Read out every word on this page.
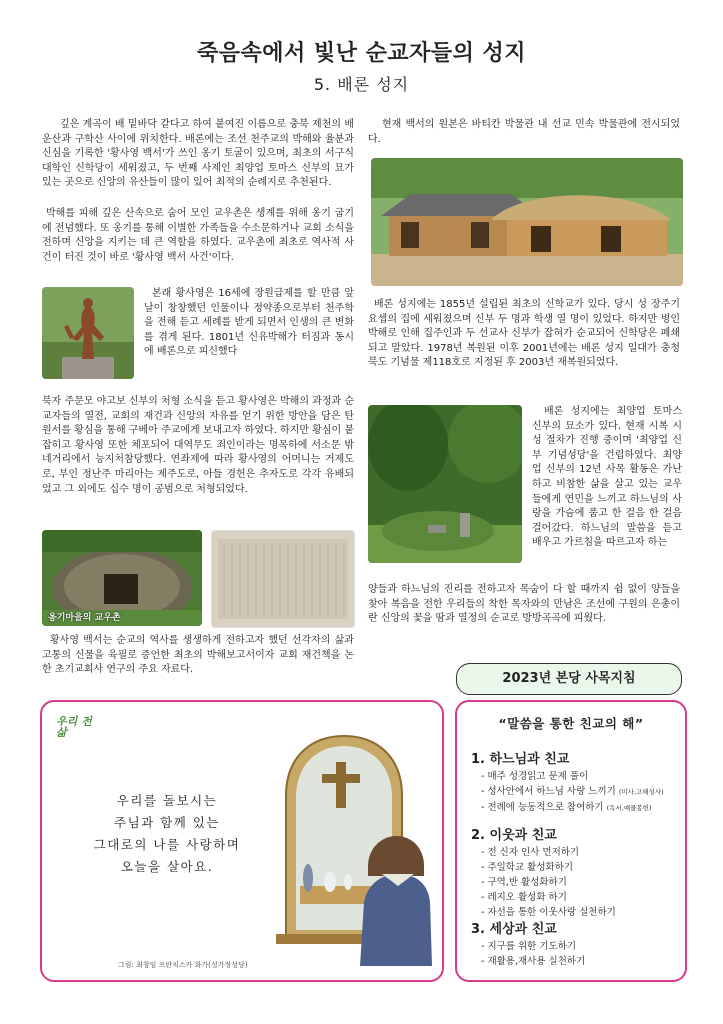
죽음속에서 빛난 순교자들의 성지
5. 배론 성지

깊은 계곡이 배 밑바닥 같다고 하여 붙여진 이름으로 충북 제천의 배운산과 구학산 사이에 위치한다. 배론에는 조선 천주교의 박해와 율분과 신심을 기록한 '황사영 백서'가 쓰인 옹기 토굴이 있으며, 최초의 서구식 대학인 신학당이 세워졌고, 두 번째 사제인 최양업 토마스 신부의 묘가 있는 곳으로 신앙의 유산들이 많이 있어 최적의 순례지로 추천된다.

박해를 피해 깊은 산속으로 숨어 모인 교우촌은 생계를 위해 옹기 굽기에 전념했다. 또 옹기를 통해 이별한 가족들을 수소문하거나 교회 소식을 전하며 신앙을 지키는 데 큰 역할을 하였다. 교우촌에 최초로 역사적 사건이 터진 것이 바로 '황사영 백서 사건'이다.

본래 황사영은 16세에 장원급제를 할 만큼 앞날이 창창했던 인물이나 정약종으로부터 천주학을 전해 듣고 세례를 받게 되면서 인생의 큰 변화를 겪게 된다. 1801년 신유박해가 터짐과 동시에 배론으로 피신했다

북자 주문모 야고보 신부의 처형 소식을 듣고 황사영은 박해의 과정과 순교자들의 열전, 교회의 재건과 신앙의 자유를 얻기 위한 방안을 담은 탄원서를 황심을 통해 구베아 주교에게 보내고자 하였다. 하지만 황심이 붙잡히고 황사영 또한 체포되어 대역무도 죄인이라는 명목하에 서소문 밖 네거리에서 능지처참당했다. 연좌제에 따라 황사영의 어머니는 거제도로, 부인 정난주 마리아는 제주도로, 아들 경헌은 추자도로 각각 유배되었고 그 외에도 십수 명이 공범으로 처형되었다.

옹기마을의 교우촌

황사영 백서는 순교의 역사를 생생하게 전하고자 했던 선각자의 삶과 고통의 신물을 육필로 증언한 최초의 박해보고서이자 교회 재건책을 논한 초기교회사 연구의 주요 자료다.

현재 백서의 원본은 바티칸 박물관 내 선교 민속 박물관에 전시되었다.

배론 성지에는 1855년 설립된 최초의 신학교가 있다. 당시 성 장주기 요셉의 집에 세워졌으며 신부 두 명과 학생 열 명이 있었다. 하지만 병인박해로 인해 집주인과 두 선교사 신부가 잡혀가 순교되어 신학당은 폐쇄되고 말았다. 1978년 복원된 이후 2001년에는 배론 성지 일대가 충청북도 기념물 제118호로 지정된 후 2003년 재복원되었다.

배론 성지에는 최양업 토마스 신부의 묘소가 있다. 현재 시복 시성 절차가 진행 중이며 '최양업 신부 기념성당'을 건립하였다. 최양업 신부의 12년 사목 활동은 가난하고 비참한 삶을 살고 있는 교우들에게 연민을 느끼고 하느님의 사랑을 가슴에 품고 한 걸음 한 걸음 걸어갔다. 하느님의 말씀을 듣고 배우고 가르침을 따르고자 하는

양들과 하느님의 진리를 전하고자 목숨이 다 할 때까지 쉼 없이 양들을 찾아 복음을 전한 우리들의 착한 목자와의 만남은 조선에 구원의 은총이란 신앙의 꽃을 땀과 열정의 순교로 방방곡곡에 피웠다.

우리 전 삶
우리를 돌보시는
주님과 함께 있는
그대로의 나를 사랑하며
오늘을 살아요.
그림: 최창임 프란치스카 화가(성가정성당)
2023년 본당 사목지침
“말씀을 통한 친교의 해”
1. 하느님과 친교
- 매주 성경읽고 문제 풀이
- 성사안에서 하느님 사랑 느끼기 (미사,고해성사)
- 전례에 능동적으로 참여하기 (독서,예물봉헌)
2. 이웃과 친교
- 전 신자 인사 먼저하기
- 주일학교 활성화하기
- 구역,반 활성화하기
- 레지오 활성화 하기
- 자선을 통한 이웃사랑 실천하기
3. 세상과 친교
- 지구를 위한 기도하기
- 재활용,재사용 실천하기
